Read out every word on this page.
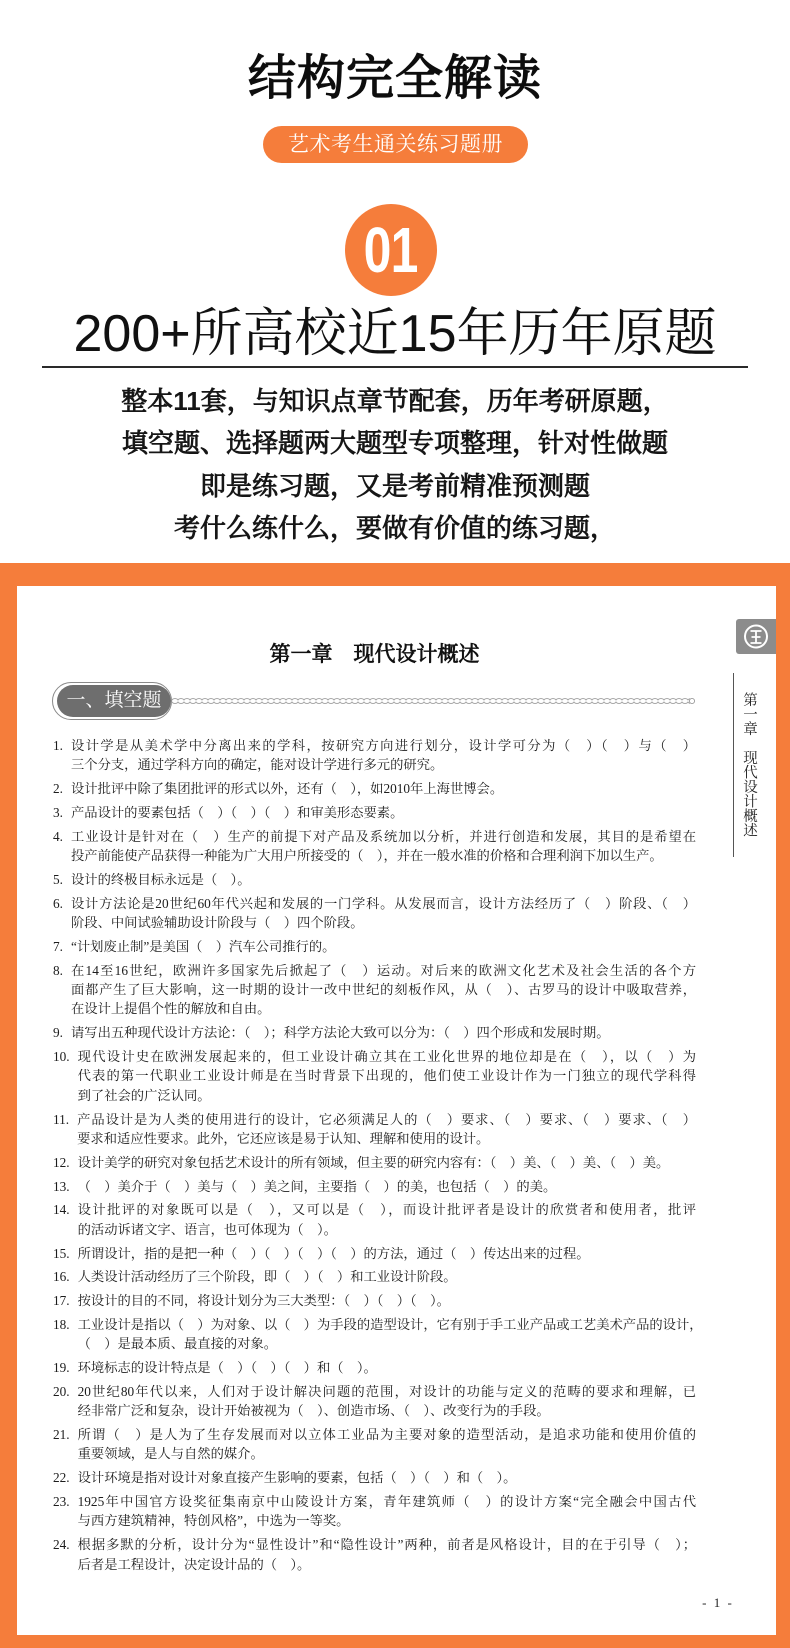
结构完全解读
艺术考生通关练习题册
01
200+所高校近15年历年原题
整本11套，与知识点章节配套，历年考研原题，
填空题、选择题两大题型专项整理，针对性做题
即是练习题，又是考前精准预测题
考什么练什么，要做有价值的练习题，
第一章 现代设计概述
第一章
现代设计概述
一、填空题
1. 设计学是从美术学中分离出来的学科，按研究方向进行划分，设计学可分为（　）（　）与（　）
三个分支，通过学科方向的确定，能对设计学进行多元的研究。
2. 设计批评中除了集团批评的形式以外，还有（　），如2010年上海世博会。
3. 产品设计的要素包括（　）（　）（　）和审美形态要素。
4. 工业设计是针对在（　）生产的前提下对产品及系统加以分析，并进行创造和发展，其目的是希望在
投产前能使产品获得一种能为广大用户所接受的（　），并在一般水准的价格和合理利润下加以生产。
5. 设计的终极目标永远是（　）。
6. 设计方法论是20世纪60年代兴起和发展的一门学科。从发展而言，设计方法经历了（　）阶段、（　）
阶段、中间试验辅助设计阶段与（　）四个阶段。
7. “计划废止制”是美国（　）汽车公司推行的。
8. 在14至16世纪，欧洲许多国家先后掀起了（　）运动。对后来的欧洲文化艺术及社会生活的各个方
面都产生了巨大影响，这一时期的设计一改中世纪的刻板作风，从（　）、古罗马的设计中吸取营养，
在设计上提倡个性的解放和自由。
9. 请写出五种现代设计方法论：（　）；科学方法论大致可以分为：（　）四个形成和发展时期。
10. 现代设计史在欧洲发展起来的，但工业设计确立其在工业化世界的地位却是在（　），以（　）为
代表的第一代职业工业设计师是在当时背景下出现的，他们使工业设计作为一门独立的现代学科得
到了社会的广泛认同。
11. 产品设计是为人类的使用进行的设计，它必须满足人的（　）要求、（　）要求、（　）要求、（　）
要求和适应性要求。此外，它还应该是易于认知、理解和使用的设计。
12. 设计美学的研究对象包括艺术设计的所有领域，但主要的研究内容有：（　）美、（　）美、（　）美。
13. （　）美介于（　）美与（　）美之间，主要指（　）的美，也包括（　）的美。
14. 设计批评的对象既可以是（　），又可以是（　），而设计批评者是设计的欣赏者和使用者，批评
的活动诉诸文字、语言，也可体现为（　）。
15. 所谓设计，指的是把一种（　）（　）（　）（　）的方法，通过（　）传达出来的过程。
16. 人类设计活动经历了三个阶段，即（　）（　）和工业设计阶段。
17. 按设计的目的不同，将设计划分为三大类型：（　）（　）（　）。
18. 工业设计是指以（　）为对象、以（　）为手段的造型设计，它有别于手工业产品或工艺美术产品的设计，
（　）是最本质、最直接的对象。
19. 环境标志的设计特点是（　）（　）（　）和（　）。
20. 20世纪80年代以来，人们对于设计解决问题的范围，对设计的功能与定义的范畴的要求和理解，已
经非常广泛和复杂，设计开始被视为（　）、创造市场、（　）、改变行为的手段。
21. 所谓（　）是人为了生存发展而对以立体工业品为主要对象的造型活动，是追求功能和使用价值的
重要领域，是人与自然的媒介。
22. 设计环境是指对设计对象直接产生影响的要素，包括（　）（　）和（　）。
23. 1925年中国官方设奖征集南京中山陵设计方案，青年建筑师（　）的设计方案“完全融会中国古代
与西方建筑精神，特创风格”，中选为一等奖。
24. 根据多默的分析，设计分为“显性设计”和“隐性设计”两种，前者是风格设计，目的在于引导（　）；
后者是工程设计，决定设计品的（　）。
- 1 -
